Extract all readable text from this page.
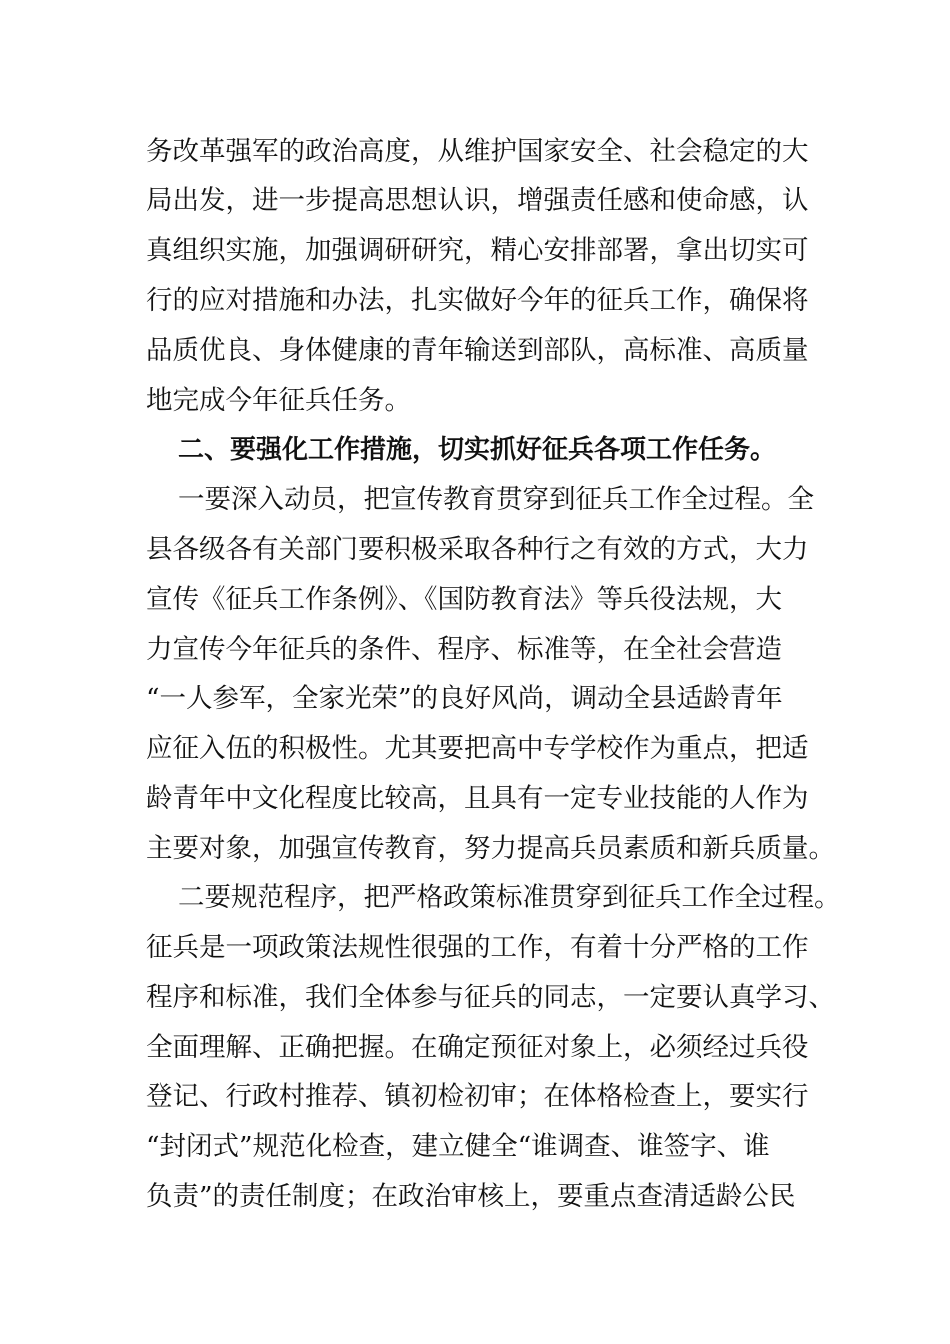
务改革强军的政治高度，从维护国家安全、社会稳定的大
局出发，进一步提高思想认识，增强责任感和使命感，认
真组织实施，加强调研研究，精心安排部署，拿出切实可
行的应对措施和办法，扎实做好今年的征兵工作，确保将
品质优良、身体健康的青年输送到部队，高标准、高质量
地完成今年征兵任务。
二、要强化工作措施，切实抓好征兵各项工作任务。
一要深入动员，把宣传教育贯穿到征兵工作全过程。全
县各级各有关部门要积极采取各种行之有效的方式，大力
宣传《征兵工作条例》、《国防教育法》等兵役法规，大
力宣传今年征兵的条件、程序、标准等，在全社会营造
“一人参军，全家光荣”的良好风尚，调动全县适龄青年
应征入伍的积极性。尤其要把高中专学校作为重点，把适
龄青年中文化程度比较高，且具有一定专业技能的人作为
主要对象，加强宣传教育，努力提高兵员素质和新兵质量。
二要规范程序，把严格政策标准贯穿到征兵工作全过程。
征兵是一项政策法规性很强的工作，有着十分严格的工作
程序和标准，我们全体参与征兵的同志，一定要认真学习、
全面理解、正确把握。在确定预征对象上，必须经过兵役
登记、行政村推荐、镇初检初审；在体格检查上，要实行
“封闭式”规范化检查，建立健全“谁调查、谁签字、谁
负责”的责任制度；在政治审核上，要重点查清适龄公民
